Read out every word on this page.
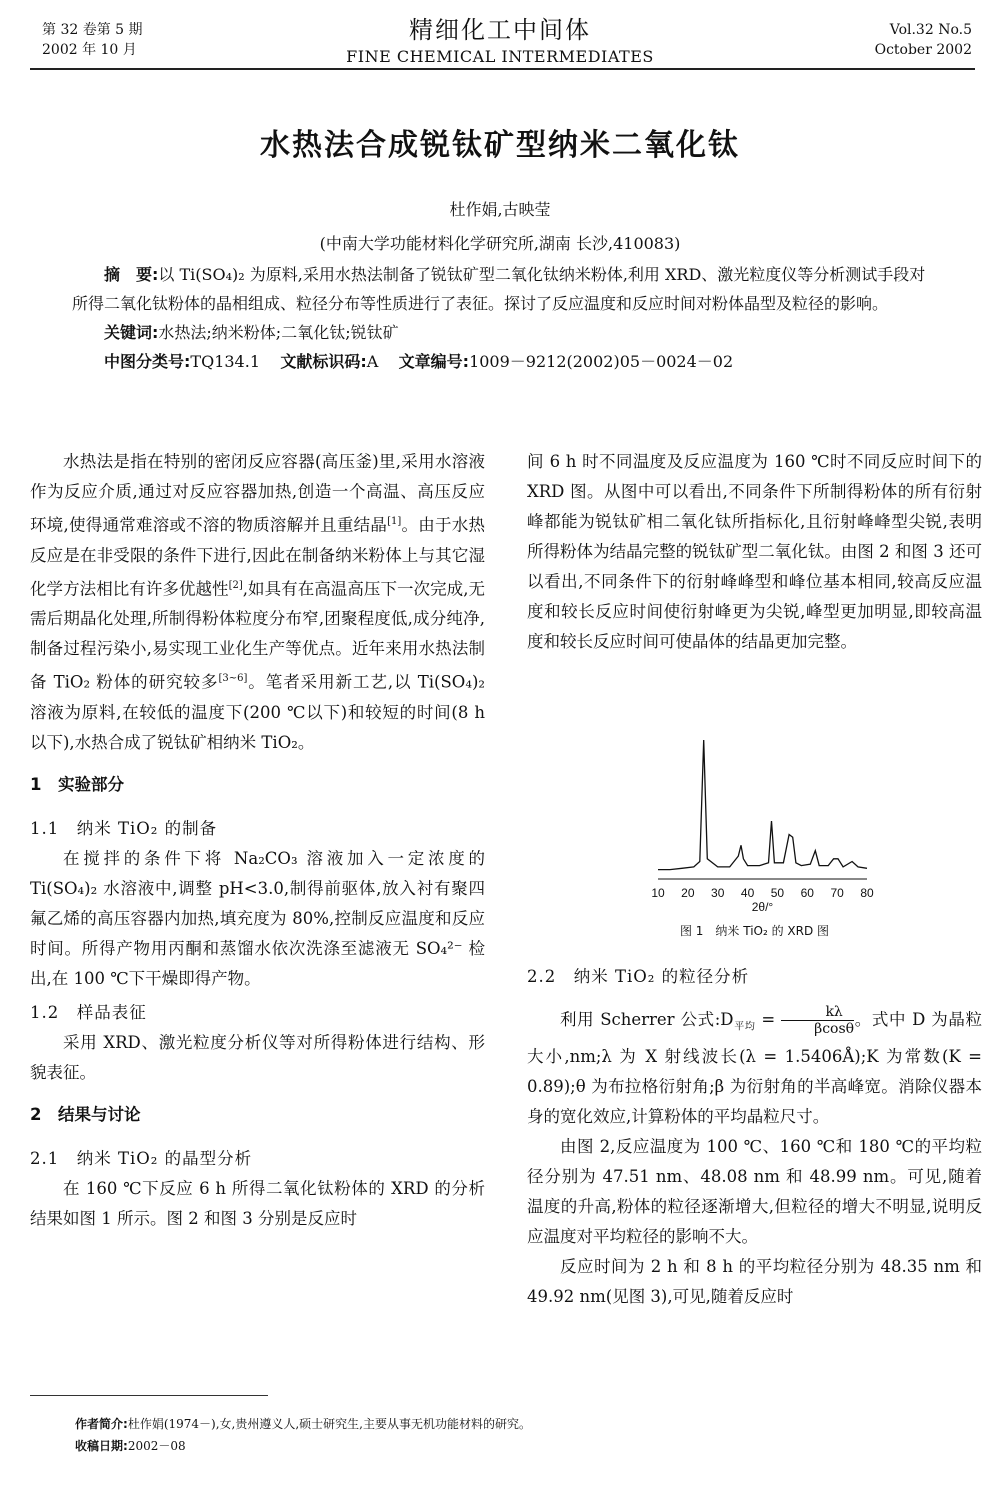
第 32 卷第 5 期
2002 年 10 月
精细化工中间体
FINE CHEMICAL INTERMEDIATES
Vol.32 No.5
October 2002
水热法合成锐钛矿型纳米二氧化钛
杜作娟,古映莹
(中南大学功能材料化学研究所,湖南 长沙,410083)

摘　要:以 Ti(SO₄)₂ 为原料,采用水热法制备了锐钛矿型二氧化钛纳米粉体,利用 XRD、激光粒度仪等分析测试手段对所得二氧化钛粉体的晶相组成、粒径分布等性质进行了表征。探讨了反应温度和反应时间对粉体晶型及粒径的影响。

关键词:水热法;纳米粉体;二氧化钛;锐钛矿

中图分类号:TQ134.1 文献标识码:A 文章编号:1009－9212(2002)05－0024－02

水热法是指在特别的密闭反应容器(高压釜)里,采用水溶液作为反应介质,通过对反应容器加热,创造一个高温、高压反应环境,使得通常难溶或不溶的物质溶解并且重结晶[1]。由于水热反应是在非受限的条件下进行,因此在制备纳米粉体上与其它湿化学方法相比有许多优越性[2],如具有在高温高压下一次完成,无需后期晶化处理,所制得粉体粒度分布窄,团聚程度低,成分纯净,制备过程污染小,易实现工业化生产等优点。近年来用水热法制备 TiO₂ 粉体的研究较多[3~6]。笔者采用新工艺,以 Ti(SO₄)₂ 溶液为原料,在较低的温度下(200 ℃以下)和较短的时间(8 h 以下),水热合成了锐钛矿相纳米 TiO₂。

1　实验部分

1.1　纳米 TiO₂ 的制备

在搅拌的条件下将 Na₂CO₃ 溶液加入一定浓度的 Ti(SO₄)₂ 水溶液中,调整 pH<3.0,制得前驱体,放入衬有聚四氟乙烯的高压容器内加热,填充度为 80%,控制反应温度和反应时间。所得产物用丙酮和蒸馏水依次洗涤至滤液无 SO₄²⁻ 检出,在 100 ℃下干燥即得产物。

1.2　样品表征

采用 XRD、激光粒度分析仪等对所得粉体进行结构、形貌表征。

2　结果与讨论

2.1　纳米 TiO₂ 的晶型分析

在 160 ℃下反应 6 h 所得二氧化钛粉体的 XRD 的分析结果如图 1 所示。图 2 和图 3 分别是反应时

间 6 h 时不同温度及反应温度为 160 ℃时不同反应时间下的 XRD 图。从图中可以看出,不同条件下所制得粉体的所有衍射峰都能为锐钛矿相二氧化钛所指标化,且衍射峰峰型尖锐,表明所得粉体为结晶完整的锐钛矿型二氧化钛。由图 2 和图 3 还可以看出,不同条件下的衍射峰峰型和峰位基本相同,较高反应温度和较长反应时间使衍射峰更为尖锐,峰型更加明显,即较高温度和较长反应时间可使晶体的结晶更加完整。

10 20 30 40 50 60 70 80
2θ/°
图 1　纳米 TiO₂ 的 XRD 图

2.2　纳米 TiO₂ 的粒径分析

利用 Scherrer 公式$:D_{平均} = \frac{k\lambda}{\beta\cos\theta}$ 。式中 D 为晶粒大小,nm;λ 为 X 射线波长(λ = 1.5406Å);K 为常数(K = 0.89);θ 为布拉格衍射角;β 为衍射角的半高峰宽。消除仪器本身的宽化效应,计算粉体的平均晶粒尺寸。

由图 2,反应温度为 100 ℃、160 ℃和 180 ℃的平均粒径分别为 47.51 nm、48.08 nm 和 48.99 nm。可见,随着温度的升高,粉体的粒径逐渐增大,但粒径的增大不明显,说明反应温度对平均粒径的影响不大。

反应时间为 2 h 和 8 h 的平均粒径分别为 48.35 nm 和 49.92 nm(见图 3),可见,随着反应时

作者简介:杜作娟(1974－),女,贵州遵义人,硕士研究生,主要从事无机功能材料的研究。
收稿日期:2002－08
